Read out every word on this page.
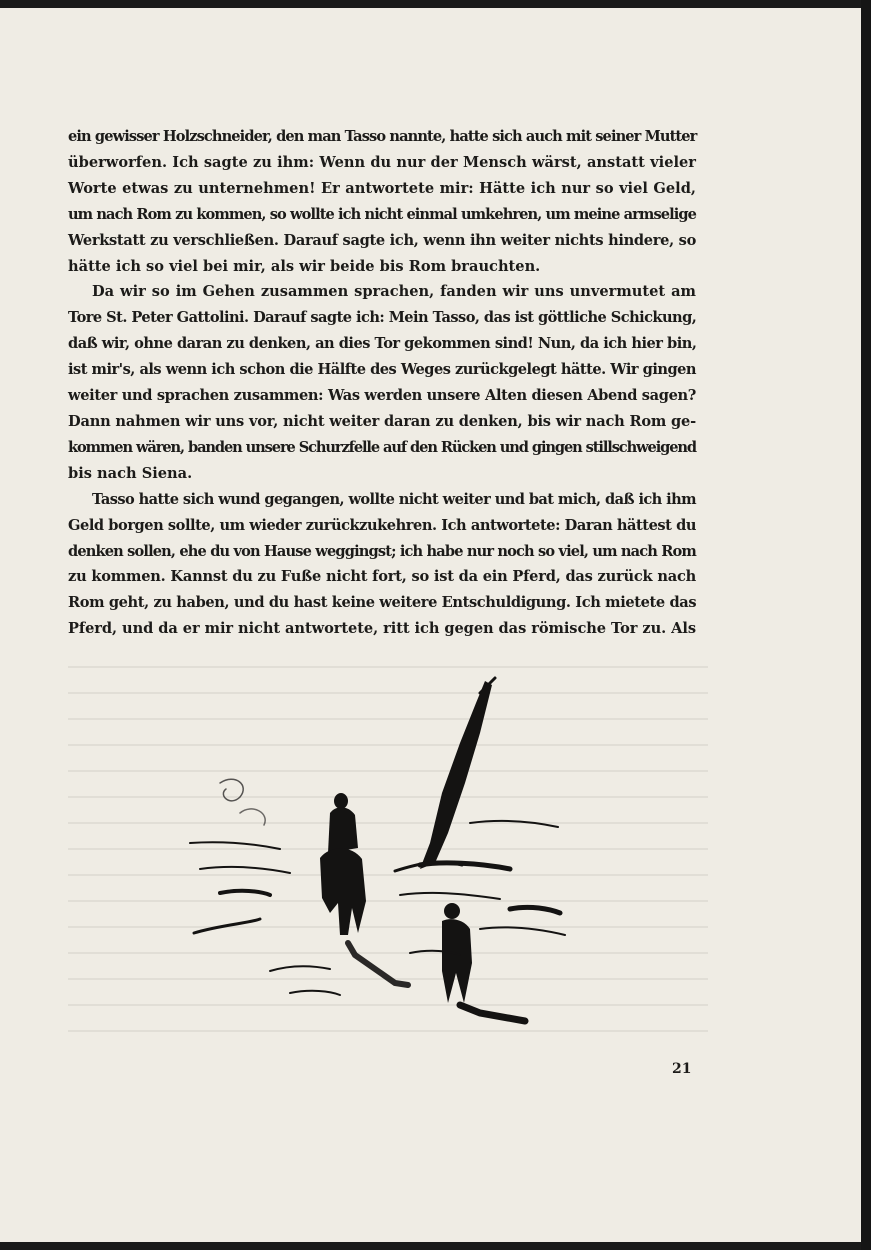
ein gewisser Holzschneider, den man Tasso nannte, hatte sich auch mit seiner Mutter
überworfen. Ich sagte zu ihm: Wenn du nur der Mensch wärst, anstatt vieler
Worte etwas zu unternehmen! Er antwortete mir: Hätte ich nur so viel Geld,
um nach Rom zu kommen, so wollte ich nicht einmal umkehren, um meine armselige
Werkstatt zu verschließen. Darauf sagte ich, wenn ihn weiter nichts hindere, so
hätte ich so viel bei mir, als wir beide bis Rom brauchten.
Da wir so im Gehen zusammen sprachen, fanden wir uns unvermutet am
Tore St. Peter Gattolini. Darauf sagte ich: Mein Tasso, das ist göttliche Schickung,
daß wir, ohne daran zu denken, an dies Tor gekommen sind! Nun, da ich hier bin,
ist mir's, als wenn ich schon die Hälfte des Weges zurückgelegt hätte. Wir gingen
weiter und sprachen zusammen: Was werden unsere Alten diesen Abend sagen?
Dann nahmen wir uns vor, nicht weiter daran zu denken, bis wir nach Rom ge-
kommen wären, banden unsere Schurzfelle auf den Rücken und gingen stillschweigend
bis nach Siena.
Tasso hatte sich wund gegangen, wollte nicht weiter und bat mich, daß ich ihm
Geld borgen sollte, um wieder zurückzukehren. Ich antwortete: Daran hättest du
denken sollen, ehe du von Hause weggingst; ich habe nur noch so viel, um nach Rom
zu kommen. Kannst du zu Fuße nicht fort, so ist da ein Pferd, das zurück nach
Rom geht, zu haben, und du hast keine weitere Entschuldigung. Ich mietete das
Pferd, und da er mir nicht antwortete, ritt ich gegen das römische Tor zu. Als
21
